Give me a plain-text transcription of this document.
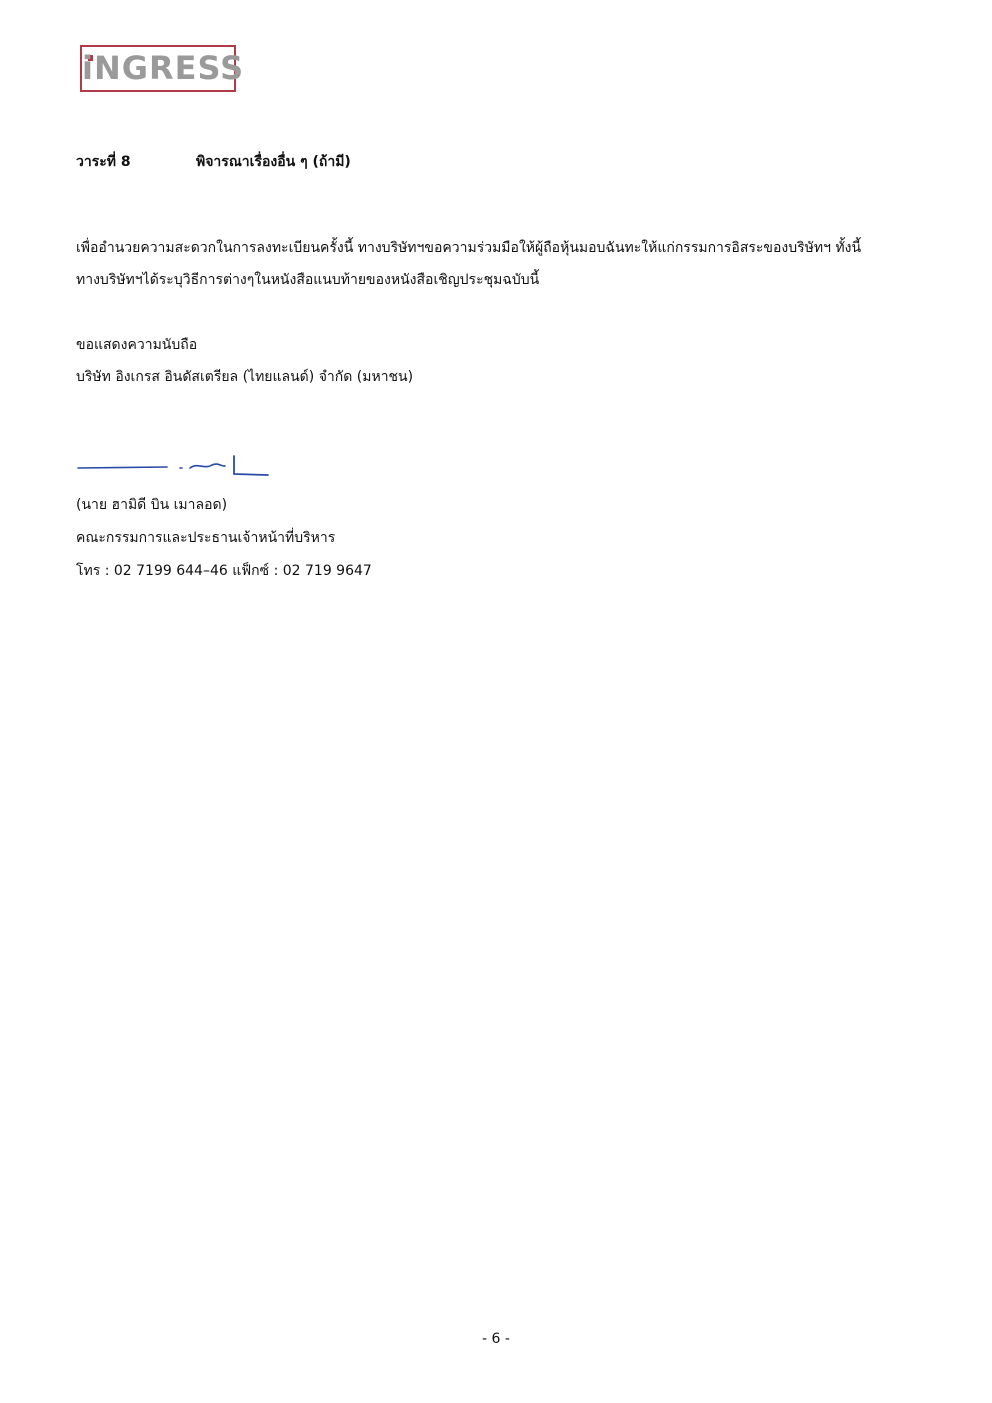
iNGRESS
วาระที่ 8	พิจารณาเรื่องอื่น ๆ (ถ้ามี)
เพื่ออำนวยความสะดวกในการลงทะเบียนครั้งนี้ ทางบริษัทฯขอความร่วมมือให้ผู้ถือหุ้นมอบฉันทะให้แก่กรรมการอิสระของบริษัทฯ ทั้งนี้
ทางบริษัทฯได้ระบุวิธีการต่างๆในหนังสือแนบท้ายของหนังสือเชิญประชุมฉบับนี้
ขอแสดงความนับถือ
บริษัท อิงเกรส อินดัสเตรียล (ไทยแลนด์) จำกัด (มหาชน)
(นาย ฮามิดี บิน เมาลอด)
คณะกรรมการและประธานเจ้าหน้าที่บริหาร
โทร : 02 7199 644–46 แฟ็กซ์ : 02 719 9647
- 6 -
